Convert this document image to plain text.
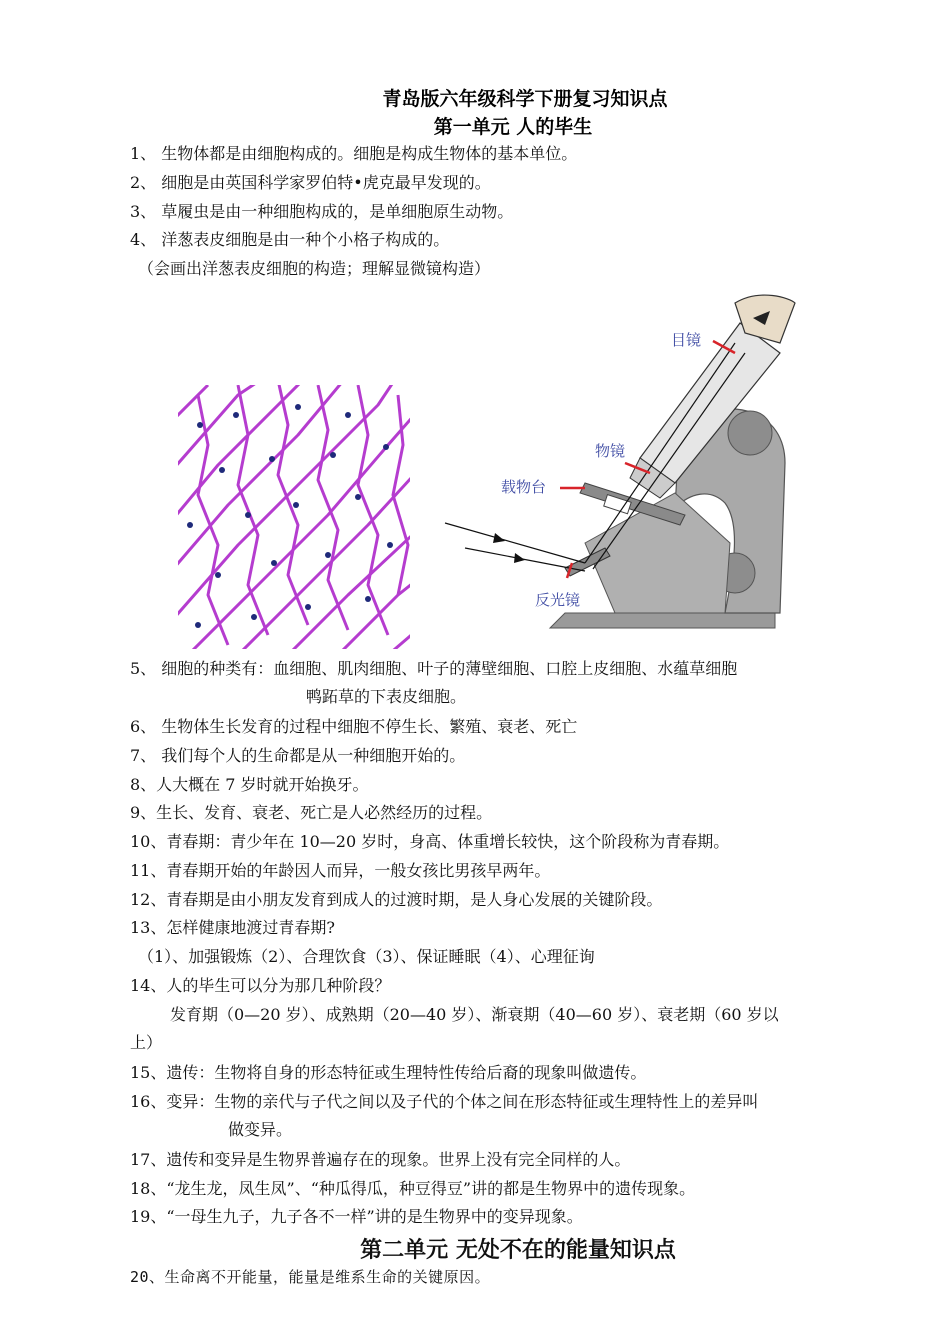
青岛版六年级科学下册复习知识点
第一单元 人的毕生
1、 生物体都是由细胞构成的。细胞是构成生物体的基本单位。
2、 细胞是由英国科学家罗伯特•虎克最早发现的。
3、 草履虫是由一种细胞构成的，是单细胞原生动物。
4、 洋葱表皮细胞是由一种个小格子构成的。
（会画出洋葱表皮细胞的构造；理解显微镜构造）
目镜
物镜
载物台
反光镜
5、 细胞的种类有：血细胞、肌肉细胞、叶子的薄壁细胞、口腔上皮细胞、水蕴草细胞
鸭跖草的下表皮细胞。
6、 生物体生长发育的过程中细胞不停生长、繁殖、衰老、死亡
7、 我们每个人的生命都是从一种细胞开始的。
8、人大概在 7 岁时就开始换牙。
9、生长、发育、衰老、死亡是人必然经历的过程。
10、青春期：青少年在 10—20 岁时，身高、体重增长较快，这个阶段称为青春期。
11、青春期开始的年龄因人而异，一般女孩比男孩早两年。
12、青春期是由小朋友发育到成人的过渡时期，是人身心发展的关键阶段。
13、怎样健康地渡过青春期?
（1）、加强锻炼（2）、合理饮食（3）、保证睡眠（4）、心理征询
14、人的毕生可以分为那几种阶段？
发育期（0—20 岁）、成熟期（20—40 岁）、渐衰期（40—60 岁）、衰老期（60 岁以
上）
15、遗传：生物将自身的形态特征或生理特性传给后裔的现象叫做遗传。
16、变异：生物的亲代与子代之间以及子代的个体之间在形态特征或生理特性上的差异叫
做变异。
17、遗传和变异是生物界普遍存在的现象。世界上没有完全同样的人。
18、“龙生龙，凤生凤”、“种瓜得瓜，种豆得豆”讲的都是生物界中的遗传现象。
19、“一母生九子，九子各不一样”讲的是生物界中的变异现象。
第二单元 无处不在的能量知识点
20、生命离不开能量，能量是维系生命的关键原因。
